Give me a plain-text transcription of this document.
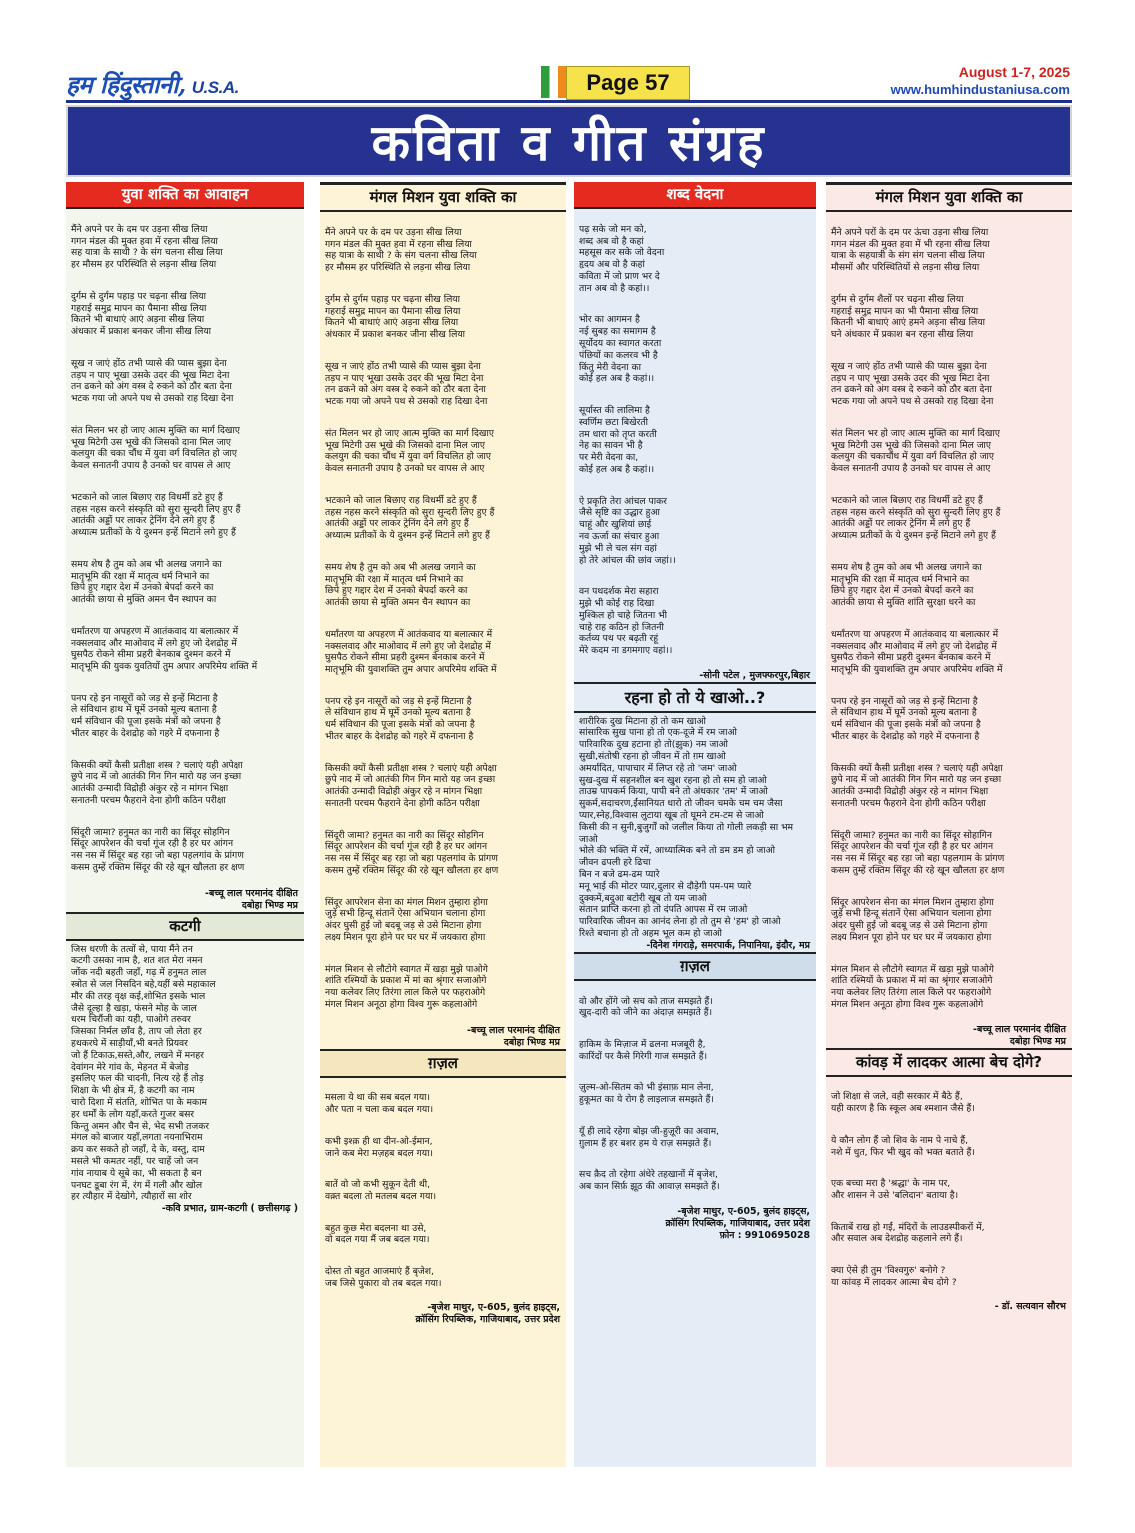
हम हिंदुस्तानी, U.S.A.	Page 57	August 1-7, 2025
www.humhindustaniusa.com
कविता व गीत संग्रह
युवा शक्ति का आवाहन

मैंने अपने पर के दम पर उड़ना सीख लिया
गगन मंडल की मुक्त हवा में रहना सीख लिया
सह यात्रा के साथी ? के संग चलना सीख लिया
हर मौसम हर परिस्थिति से लड़ना सीख लिया

दुर्गम से दुर्गम पहाड़ पर चढ़ना सीख लिया
गहराई समुद्र मापन का पैमाना सीख लिया
कितने भी बाधाएं आएं अड़ना सीख लिया
अंधकार में प्रकाश बनकर जीना सीख लिया

सूख न जाएं होंठ तभी प्यासे की प्यास बुझा देना
तड़प न पाए भूखा उसके उदर की भूख मिटा देना
तन ढकने को अंग वस्त्र दे रुकने को ठौर बता देना
भटक गया जो अपने पथ से उसको राह दिखा देना

संत मिलन भर हो जाए आत्म मुक्ति का मार्ग दिखाए
भूख मिटेगी उस भूखे की जिसको दाना मिल जाए
कलयुग की चका चौंध में युवा वर्ग विचलित हो जाए
केवल सनातनी उपाय है उनको घर वापस ले आए

भटकाने को जाल बिछाए राह विधर्मी डटे हुए हैं
तहस नहस करने संस्कृति को सुरा सुन्दरी लिए हुए हैं
आतंकी अड्डों पर लाकर ट्रेनिंग देने लगे हुए हैं
अध्यात्म प्रतीकों के ये दुश्मन इन्हें मिटाने लगे हुए हैं

समय शेष है तुम को अब भी अलख जगाने का
मातृभूमि की रक्षा में मातृत्व धर्म निभाने का
छिपे हुए गद्दार देश में उनको बेपर्दा करने का
आतंकी छाया से मुक्ति अमन चैन स्थापन का

धर्मांतरण या अपहरण में आतंकवाद या बलात्कार में
नक्सलवाद और माओवाद में लगे हुए जो देशद्रोह में
घुसपैठ रोकने सीमा प्रहरी बेनकाब दुश्मन करने में
मातृभूमि की युवक युवतियों तुम अपार अपरिमेय शक्ति में

पनप रहे इन नासूरों को जड़ से इन्हें मिटाना है
ले संविधान हाथ में घूमें उनको मूल्य बताना है
धर्म संविधान की पूजा इसके मंत्रों को जपना है
भीतर बाहर के देशद्रोह को गहरे में दफनाना है

किसकी क्यों कैसी प्रतीक्षा शस्त्र ? चलाएं यही अपेक्षा
छुपे नाद में जो आतंकी गिन गिन मारो यह जन इच्छा
आतंकी उन्मादी विद्रोही अंकुर रहे न मांगन भिक्षा
सनातनी परचम फैहराने देना होगी कठिन परीक्षा

सिंदूरी जामा? हनुमत का नारी का सिंदूर सोहगिन
सिंदूर आपरेशन की चर्चा गूंज रही है हर घर आंगन
नस नस में सिंदूर बह रहा जो बहा पहलगांव के प्रांगण
कसम तुम्हें रक्तिम सिंदूर की रहे खून खौलता हर क्षण

-बच्चू लाल परमानंद दीक्षित
दबोहा भिण्ड मप्र
कटगी
जिस धरणी के तत्वों से, पाया मैंने तन
कटगी उसका नाम है, शत शत मेरा नमन
जोंक नदी बहती जहाँ, गढ़ में हनुमत लाल
स्त्रोत से जल निसदिन बहे,यहीं बसे महाकाल
मौर की तरह वृक्ष कई,शोभित इसके भाल
जैसे दूल्हा है खड़ा, फंसने मोह के जाल
धरम चिरौंजी का यही, पाओगे तरुवर
जिसका निर्मल छाँव है, ताप जो लेता हर
हथकरघे में साड़ीयाँ,भी बनते प्रियवर
जो हैं टिकाऊ,सस्ते,और, लखने में मनहर
देवांगन मेरे गांव के, मेहनत में बेजोड़
इसलिए फल की चादनी, नित्य रहे हैं तोड़
शिक्षा के भी क्षेत्र में, है कटगी का नाम
चारो दिशा में संतति, शोभित पा के मकाम
हर धर्मों के लोग यहाँ,करते गुजर बसर
किन्तु अमन और चैन से, भेद सभी तजकर
मंगल को बाजार यहाँ,लगता नयनाभिराम
क्रय कर सकते हो जहाँ, दे के, वस्तु, दाम
मसले भी कमतर नहीं, पर चाहें जो जन
गांव नायाब ये सूबे का, भी सकता है बन
पनघट डूबा रंग में, रंग में गली और खोल
हर त्यौहार में देखोगे, त्यौहारों सा शोर
-कवि प्रभात, ग्राम-कटगी ( छत्तीसगढ़ )
मंगल मिशन युवा शक्ति का

मैंने अपने पर के दम पर उड़ना सीख लिया
गगन मंडल की मुक्त हवा में रहना सीख लिया
सह यात्रा के साथी ? के संग चलना सीख लिया
हर मौसम हर परिस्थिति से लड़ना सीख लिया

दुर्गम से दुर्गम पहाड़ पर चढ़ना सीख लिया
गहराई समुद्र मापन का पैमाना सीख लिया
कितने भी बाधाएं आएं अड़ना सीख लिया
अंधकार में प्रकाश बनकर जीना सीख लिया

सूख न जाएं होंठ तभी प्यासे की प्यास बुझा देना
तड़प न पाए भूखा उसके उदर की भूख मिटा देना
तन ढकने को अंग वस्त्र दे रुकने को ठौर बता देना
भटक गया जो अपने पथ से उसको राह दिखा देना

संत मिलन भर हो जाए आत्म मुक्ति का मार्ग दिखाए
भूख मिटेगी उस भूखे की जिसको दाना मिल जाए
कलयुग की चका चौंध में युवा वर्ग विचलित हो जाए
केवल सनातनी उपाय है उनको घर वापस ले आए

भटकाने को जाल बिछाए राह विधर्मी डटे हुए हैं
तहस नहस करने संस्कृति को सुरा सुन्दरी लिए हुए हैं
आतंकी अड्डों पर लाकर ट्रेनिंग देने लगे हुए हैं
अध्यात्म प्रतीकों के ये दुश्मन इन्हें मिटाने लगे हुए हैं

समय शेष है तुम को अब भी अलख जगाने का
मातृभूमि की रक्षा में मातृत्व धर्म निभाने का
छिपे हुए गद्दार देश में उनको बेपर्दा करने का
आतंकी छाया से मुक्ति अमन चैन स्थापन का

धर्मांतरण या अपहरण में आतंकवाद या बलात्कार में
नक्सलवाद और माओवाद में लगे हुए जो देशद्रोह में
घुसपैठ रोकने सीमा प्रहरी दुश्मन बेनकाब करने में
मातृभूमि की युवाशक्ति तुम अपार अपरिमेय शक्ति में

पनप रहे इन नासूरों को जड़ से इन्हें मिटाना है
ले संविधान हाथ में घूमें उनको मूल्य बताना है
धर्म संविधान की पूजा इसके मंत्रों को जपना है
भीतर बाहर के देशद्रोह को गहरे में दफनाना है

किसकी क्यों कैसी प्रतीक्षा शस्त्र ? चलाएं यही अपेक्षा
छुपे नाद में जो आतंकी गिन गिन मारो यह जन इच्छा
आतंकी उन्मादी विद्रोही अंकुर रहे न मांगन भिक्षा
सनातनी परचम फैहराने देना होगी कठिन परीक्षा

सिंदूरी जामा? हनुमत का नारी का सिंदूर सोहगिन
सिंदूर आपरेशन की चर्चा गूंज रही है हर घर आंगन
नस नस में सिंदूर बह रहा जो बहा पहलगांव के प्रांगण
कसम तुम्हें रक्तिम सिंदूर की रहे खून खौलता हर क्षण

सिंदूर आपरेशन सेना का मंगल मिशन तुम्हारा होगा
जुड़ें सभी हिन्दू संतानें ऐसा अभियान चलाना होगा
अंदर घुसी हुई जो बदबू जड़ से उसे मिटाना होगा
लक्ष्य मिशन पूरा होने पर घर घर में जयकारा होगा

मंगल मिशन से लौटोगे स्वागत में खड़ा मुझे पाओगे
शांति रश्मियों के प्रकाश में मां का श्रृंगार सजाओगे
नया कलेवर लिए तिरंगा लाल किले पर फहराओगे
मंगल मिशन अनूठा होगा विश्व गुरू कहलाओगे

-बच्चू लाल परमानंद दीक्षित
दबोहा भिण्ड मप्र
ग़ज़ल

मसला ये था की सब बदल गया।
और पता न चला कब बदल गया।

कभी इश्क़ ही था दीन-ओ-ईमान,
जाने कब मेरा मज़हब बदल गया।

बातें वो जो कभी सुकून देती थी,
वक़्त बदला तो मतलब बदल गया।

बहुत कुछ मेरा बदलना था उसे,
वो बदल गया मैं जब बदल गया।

दोस्त तो बहुत आजमाएं हैं बृजेश,
जब जिसे पुकारा वो तब बदल गया।

-बृजेश माथुर, ए-605, बुलंद हाइट्स,
क्रॉसिंग रिपब्लिक, गाजियाबाद, उत्तर प्रदेश
शब्द वेदना

पढ़ सके जो मन को,
शब्द अब वो है कहां
महसूस कर सके जो वेदना
हृदय अब वो है कहां
कविता में जो प्राण भर दे
तान अब वो है कहां।।

भोर का आगमन है
नई सुबह का समागम है
सूर्योदय का स्वागत करता
पंछियों का कलरव भी है
किंतु मेरी वेदना का
कोई हल अब है कहां।।

सूर्यास्त की लालिमा है
स्वर्णिम छटा बिखेरती
तम धारा को तृप्त करती
नेह का सावन भी है
पर मेरी वेदना का,
कोई हल अब है कहां।।

ऐ प्रकृति तेरा आंचल पाकर
जैसे सृष्टि का उद्धार हुआ
चाहूं और खुशियां छाई
नव ऊर्जा का संचार हुआ
मुझे भी ले चल संग वहां
हो तेरे आंचल की छांव जहां।।

वन पथदर्शक मेरा सहारा
मुझे भी कोई राह दिखा
मुश्किल हो चाहे जितना भी
चाहे राह कठिन हो जितनी
कर्तव्य पथ पर बढ़ती रहूं
मेरे कदम ना डगमगाए वहां।।

-सोनी पटेल , मुजफ्फरपुर,बिहार
रहना हो तो ये खाओ..?
शारीरिक दुख मिटाना हो तो कम खाओ
सांसारिक सुख पाना हो तो एक-दूजे में रम जाओ
पारिवारिक दुख हटाना हो तो(झुक) नम जाओ
सुखी,संतोषी रहना हो जीवन में तो ग़म खाओ
अमर्यादित, पापाचार में लिप्त रहे तो 'जम' जाओ
सुख-दुख में सहनशील बन खुश रहना हो तो सम हो जाओ
ताउम्र पापकर्म किया, पापी बने तो अंधकार 'तम' में जाओ
सुकर्म,सदाचरण,ईंसानियत धारो तो जीवन चमके चम चम जैसा
प्यार,स्नेह,विश्वास लुटाया खूब तो घूमने टम-टम से जाओ
किसी की न सुनी,बुजुर्गों को जलील किया तो गोली लकड़ी सा भम जाओ
भोले की भक्ति में रमें, आध्यात्मिक बने तो डम डम हो जाओ
जीवन ढपली हरे ढिचा
बिन न बजे ढम-ढम प्यारे
मनू भाई की मोटर प्यार,दुलार से दौड़ेगी पम-पम प्यारे
दुक्कमें,बदुआ बटोरी खूब तो यम जाओ
संतान प्राप्ति करना हो तो दंपति आपस में रम जाओ
पारिवारिक जीवन का आनंद लेना हो तो तुम से 'हम' हो जाओ
रिश्ते बचाना हो तो अहम भूल कम हो जाओ
-दिनेश गंगराड़े, समरपार्क, निपानिया, इंदौर, मप्र
ग़ज़ल

वो और होंगे जो सच को ताज समझते हैं।
खुद-दारी को जीने का अंदाज़ समझते हैं।

हाकिम के मिज़ाज में ढलना मजबूरी है,
कारिंदों पर कैसे गिरेगी गाज समझते हैं।

ज़ुल्म-ओ-सितम को भी इंसाफ़ मान लेना,
हुकूमत का ये रोग है लाइलाज समझते हैं।

यूँ ही लादे रहेगा बोझ जी-हुज़ूरी का अवाम,
ग़ुलाम हैं हर बशर हम ये राज़ समझते हैं।

सच क़ैद तो रहेगा अंधेरे तहखानों में बृजेश,
अब कान सिर्फ़ झूठ की आवाज़ समझते हैं।

-बृजेश माथुर, ए-605, बुलंद हाइट्स,
क्रॉसिंग रिपब्लिक, गाजियाबाद, उत्तर प्रदेश
फ़ोन : 9910695028
मंगल मिशन युवा शक्ति का

मैंने अपने परों के दम पर ऊंचा उड़ना सीख लिया
गगन मंडल की मुक्त हवा में भी रहना सीख लिया
यात्रा के सहयात्री के संग संग चलना सीख लिया
मौसमों और परिस्थितियों से लड़ना सीख लिया

दुर्गम से दुर्गम शैलों पर चढ़ना सीख लिया
गहराई समुद्र मापन का भी पैमाना सीख लिया
कितनी भी बाधाएं आएं हमने अड़ना सीख लिया
घने अंधकार में प्रकाश बन रहना सीख लिया

सूख न जाएं होंठ तभी प्यासे की प्यास बुझा देना
तड़प न पाए भूखा उसके उदर की भूख मिटा देना
तन ढकने को अंग वस्त्र दे रुकने को ठौर बता देना
भटक गया जो अपने पथ से उसको राह दिखा देना

संत मिलन भर हो जाए आत्म मुक्ति का मार्ग दिखाए
भूख मिटेगी उस भूखे की जिसको दाना मिल जाए
कलयुग की चकाचौंध में युवा वर्ग विचलित हो जाए
केवल सनातनी उपाय है उनको घर वापस ले आए

भटकाने को जाल बिछाए राह विधर्मी डटे हुए हैं
तहस नहस करने संस्कृति को सुरा सुन्दरी लिए हुए हैं
आतंकी अड्डों पर लाकर ट्रेनिंग में लगे हुए हैं
अध्यात्म प्रतीकों के ये दुश्मन इन्हें मिटाने लगे हुए हैं

समय शेष है तुम को अब भी अलख जगाने का
मातृभूमि की रक्षा में मातृत्व धर्म निभाने का
छिपे हुए गद्दार देश में उनको बेपर्दा करने का
आतंकी छाया से मुक्ति शांति सुरक्षा धरने का

धर्मांतरण या अपहरण में आतंकवाद या बलात्कार में
नक्सलवाद और माओवाद में लगे हुए जो देशद्रोह में
घुसपैठ रोकने सीमा प्रहरी दुश्मन बेनकाब करने में
मातृभूमि की युवाशक्ति तुम अपार अपरिमेय शक्ति में

पनप रहे इन नासूरों को जड़ से इन्हें मिटाना है
ले संविधान हाथ में घूमें उनको मूल्य बताना है
धर्म संविधान की पूजा इसके मंत्रों को जपना है
भीतर बाहर के देशद्रोह को गहरे में दफनाना है

किसकी क्यों कैसी प्रतीक्षा शस्त्र ? चलाएं यही अपेक्षा
छुपे नाद में जो आतंकी गिन गिन मारो यह जन इच्छा
आतंकी उन्मादी विद्रोही अंकुर रहे न मांगन भिक्षा
सनातनी परचम फैहराने देना होगी कठिन परीक्षा

सिंदूरी जामा? हनुमत का नारी का सिंदूर सोहागिन
सिंदूर आपरेशन की चर्चा गूंज रही है हर घर आंगन
नस नस में सिंदूर बह रहा जो बहा पहलगाम के प्रांगण
कसम तुम्हें रक्तिम सिंदूर की रहे खून खौलता हर क्षण

सिंदूर आपरेशन सेना का मंगल मिशन तुम्हारा होगा
जुड़ें सभी हिन्दू संतानें ऐसा अभियान चलाना होगा
अंदर घुसी हुई जो बदबू जड़ से उसे मिटाना होगा
लक्ष्य मिशन पूरा होने पर घर घर में जयकारा होगा

मंगल मिशन से लौटोगे स्वागत में खड़ा मुझे पाओगे
शांति रश्मियों के प्रकाश में मां का श्रृंगार सजाओगे
नया कलेवर लिए तिरंगा लाल किले पर फहराओगे
मंगल मिशन अनूठा होगा विश्व गुरू कहलाओगे

-बच्चू लाल परमानंद दीक्षित
दबोहा भिण्ड मप्र
कांवड़ में लादकर आत्मा बेच दोगे?

जो शिक्षा से जले, वही सरकार में बैठे हैं,
यही कारण है कि स्कूल अब श्मशान जैसे हैं।

ये कौन लोग हैं जो शिव के नाम पे नाचे हैं,
नशे में धुत, फिर भी खुद को भक्त बताते हैं।

एक बच्चा मरा है 'श्रद्धा' के नाम पर,
और शासन ने उसे 'बलिदान' बताया है।

किताबें राख हो गईं, मंदिरों के लाउडस्पीकरों में,
और सवाल अब देशद्रोह कहलाने लगे हैं।

क्या ऐसे ही तुम 'विश्वगुरु' बनोगे ?
या कांवड़ में लादकर आत्मा बेच दोगे ?

- डॉ. सत्यवान सौरभ
